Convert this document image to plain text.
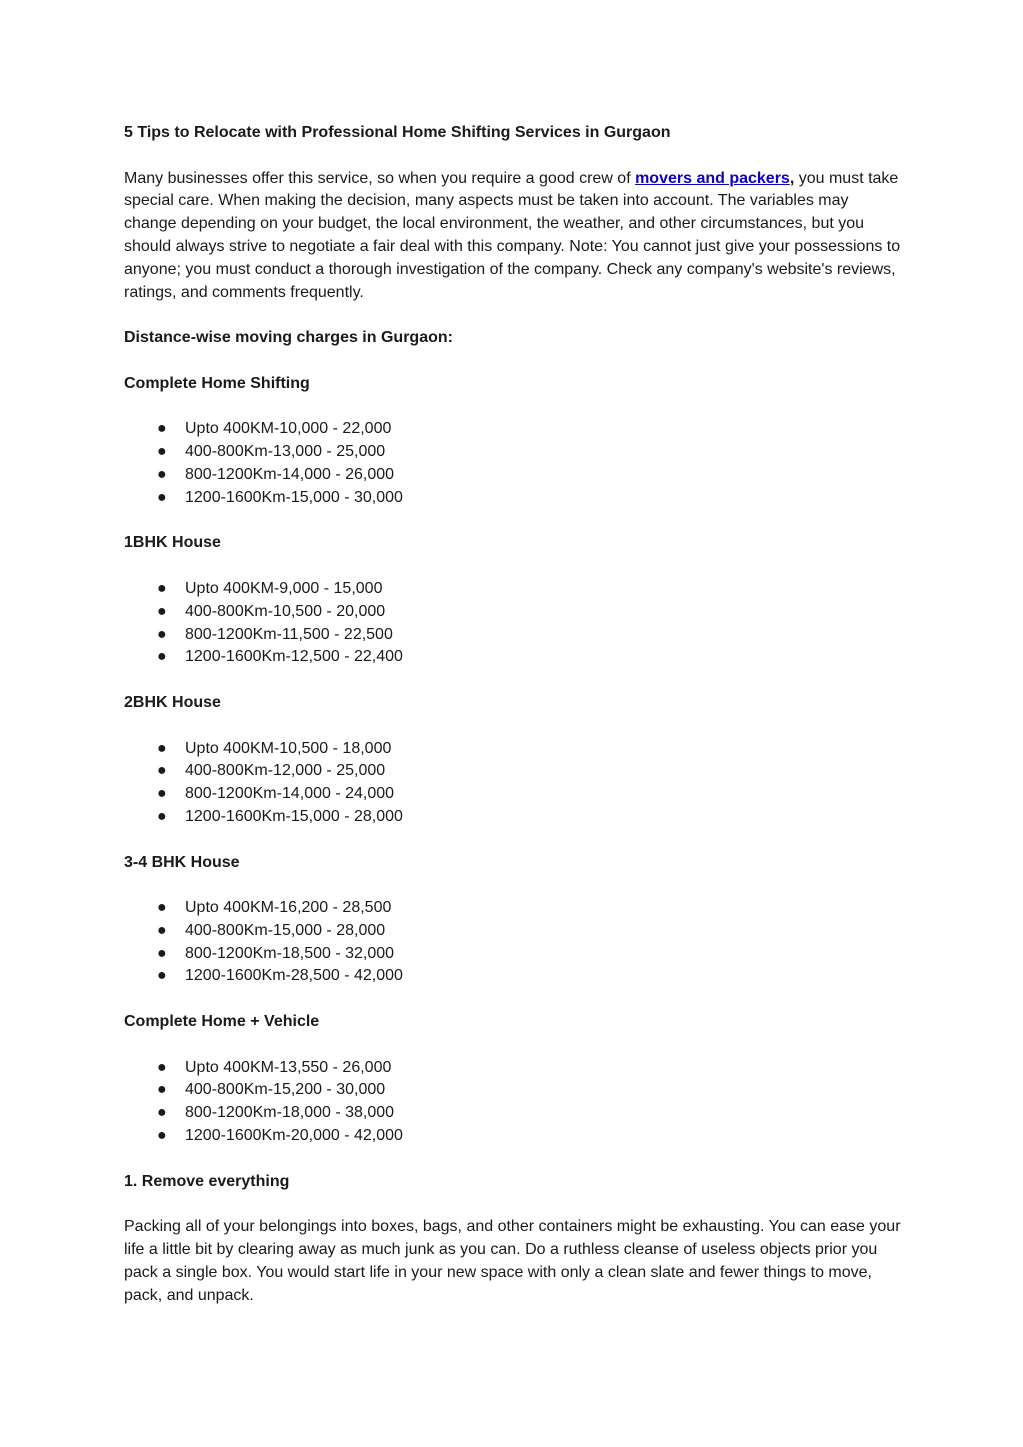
5 Tips to Relocate with Professional Home Shifting Services in Gurgaon
Many businesses offer this service, so when you require a good crew of movers and packers, you must take special care. When making the decision, many aspects must be taken into account. The variables may change depending on your budget, the local environment, the weather, and other circumstances, but you should always strive to negotiate a fair deal with this company. Note: You cannot just give your possessions to anyone; you must conduct a thorough investigation of the company. Check any company's website's reviews, ratings, and comments frequently.
Distance-wise moving charges in Gurgaon:
Complete Home Shifting
● Upto 400KM-10,000 - 22,000
● 400-800Km-13,000 - 25,000
● 800-1200Km-14,000 - 26,000
● 1200-1600Km-15,000 - 30,000
1BHK House
● Upto 400KM-9,000 - 15,000
● 400-800Km-10,500 - 20,000
● 800-1200Km-11,500 - 22,500
● 1200-1600Km-12,500 - 22,400
2BHK House
● Upto 400KM-10,500 - 18,000
● 400-800Km-12,000 - 25,000
● 800-1200Km-14,000 - 24,000
● 1200-1600Km-15,000 - 28,000
3-4 BHK House
● Upto 400KM-16,200 - 28,500
● 400-800Km-15,000 - 28,000
● 800-1200Km-18,500 - 32,000
● 1200-1600Km-28,500 - 42,000
Complete Home + Vehicle
● Upto 400KM-13,550 - 26,000
● 400-800Km-15,200 - 30,000
● 800-1200Km-18,000 - 38,000
● 1200-1600Km-20,000 - 42,000
1. Remove everything
Packing all of your belongings into boxes, bags, and other containers might be exhausting. You can ease your life a little bit by clearing away as much junk as you can. Do a ruthless cleanse of useless objects prior you pack a single box. You would start life in your new space with only a clean slate and fewer things to move, pack, and unpack.
